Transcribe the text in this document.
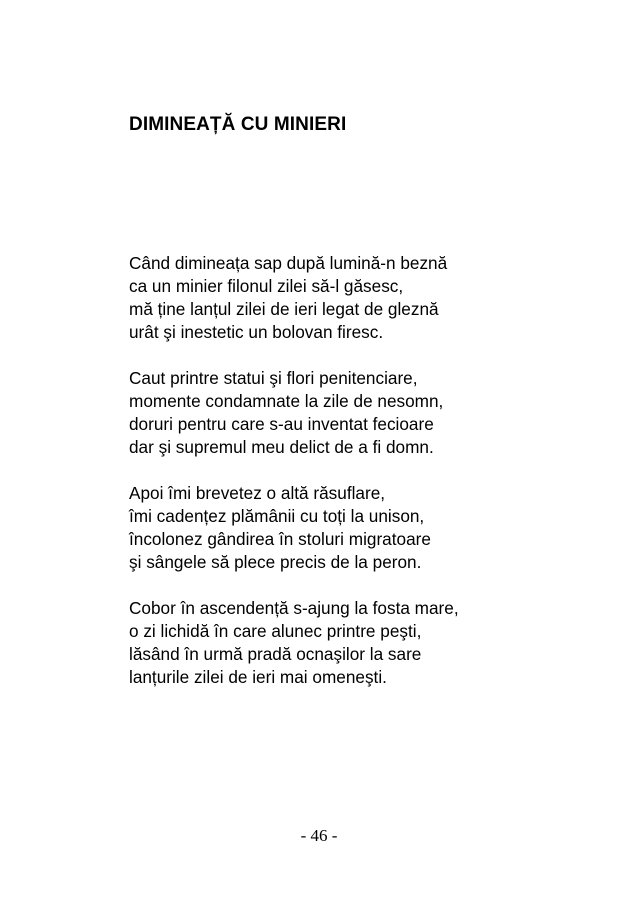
DIMINEAȚĂ CU MINIERI
Când dimineața sap după lumină-n beznă
ca un minier filonul zilei să-l găsesc,
mă ține lanțul zilei de ieri legat de gleznă
urât şi inestetic un bolovan firesc.
Caut printre statui şi flori penitenciare,
momente condamnate la zile de nesomn,
doruri pentru care s-au inventat fecioare
dar şi supremul meu delict de a fi domn.
Apoi îmi brevetez o altă răsuflare,
îmi cadențez plămânii cu toți la unison,
încolonez gândirea în stoluri migratoare
şi sângele să plece precis de la peron.
Cobor în ascendență s-ajung la fosta mare,
o zi lichidă în care alunec printre peşti,
lăsând în urmă pradă ocnaşilor la sare
lanțurile zilei de ieri mai omeneşti.
- 46 -
